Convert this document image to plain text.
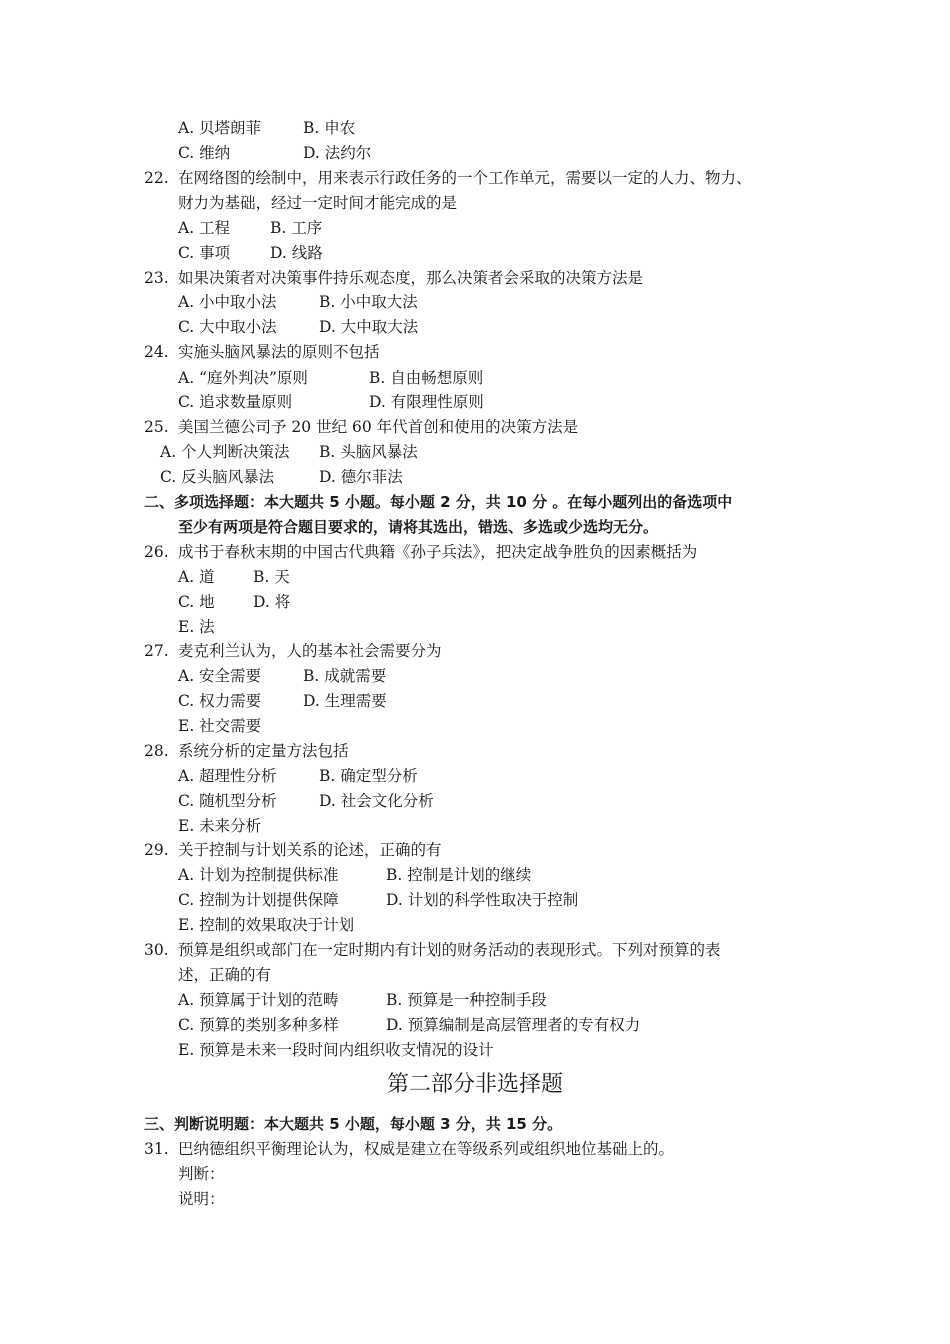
A. 贝塔朗菲	B. 申农
C. 维纳	D. 法约尔
22. 在网络图的绘制中，用来表示行政任务的一个工作单元，需要以一定的人力、物力、
财力为基础，经过一定时间才能完成的是
A. 工程	B. 工序
C. 事项	D. 线路
23. 如果决策者对决策事件持乐观态度，那么决策者会采取的决策方法是
A. 小中取小法	B. 小中取大法
C. 大中取小法	D. 大中取大法
24. 实施头脑风暴法的原则不包括
A. “庭外判决”原则	B. 自由畅想原则
C. 追求数量原则	D. 有限理性原则
25. 美国兰德公司予 20 世纪 60 年代首创和使用的决策方法是
A. 个人判断决策法 B. 头脑风暴法
C. 反头脑风暴法	D. 德尔菲法
二、多项选择题：本大题共 5 小题。每小题 2 分，共 10 分 。在每小题列出的备选项中
至少有两项是符合题目要求的，请将其选出，错选、多选或少选均无分。
26. 成书于春秋末期的中国古代典籍《孙子兵法》，把决定战争胜负的因素概括为
A. 道 B. 天
C. 地 D. 将
E. 法
27. 麦克利兰认为，人的基本社会需要分为
A. 安全需要	B. 成就需要
C. 权力需要	D. 生理需要
E. 社交需要
28. 系统分析的定量方法包括
A. 超理性分析	B. 确定型分析
C. 随机型分析	D. 社会文化分析
E. 未来分析
29. 关于控制与计划关系的论述，正确的有
A. 计划为控制提供标准	B. 控制是计划的继续
C. 控制为计划提供保障	D. 计划的科学性取决于控制
E. 控制的效果取决于计划
30. 预算是组织或部门在一定时期内有计划的财务活动的表现形式。下列对预算的表
述，正确的有
A. 预算属于计划的范畴	B. 预算是一种控制手段
C. 预算的类别多种多样	D. 预算编制是高层管理者的专有权力
E. 预算是未来一段时间内组织收支情况的设计
第二部分非选择题
三、判断说明题：本大题共 5 小题，每小题 3 分，共 15 分。
31. 巴纳德组织平衡理论认为，权威是建立在等级系列或组织地位基础上的。
判断：
说明：
